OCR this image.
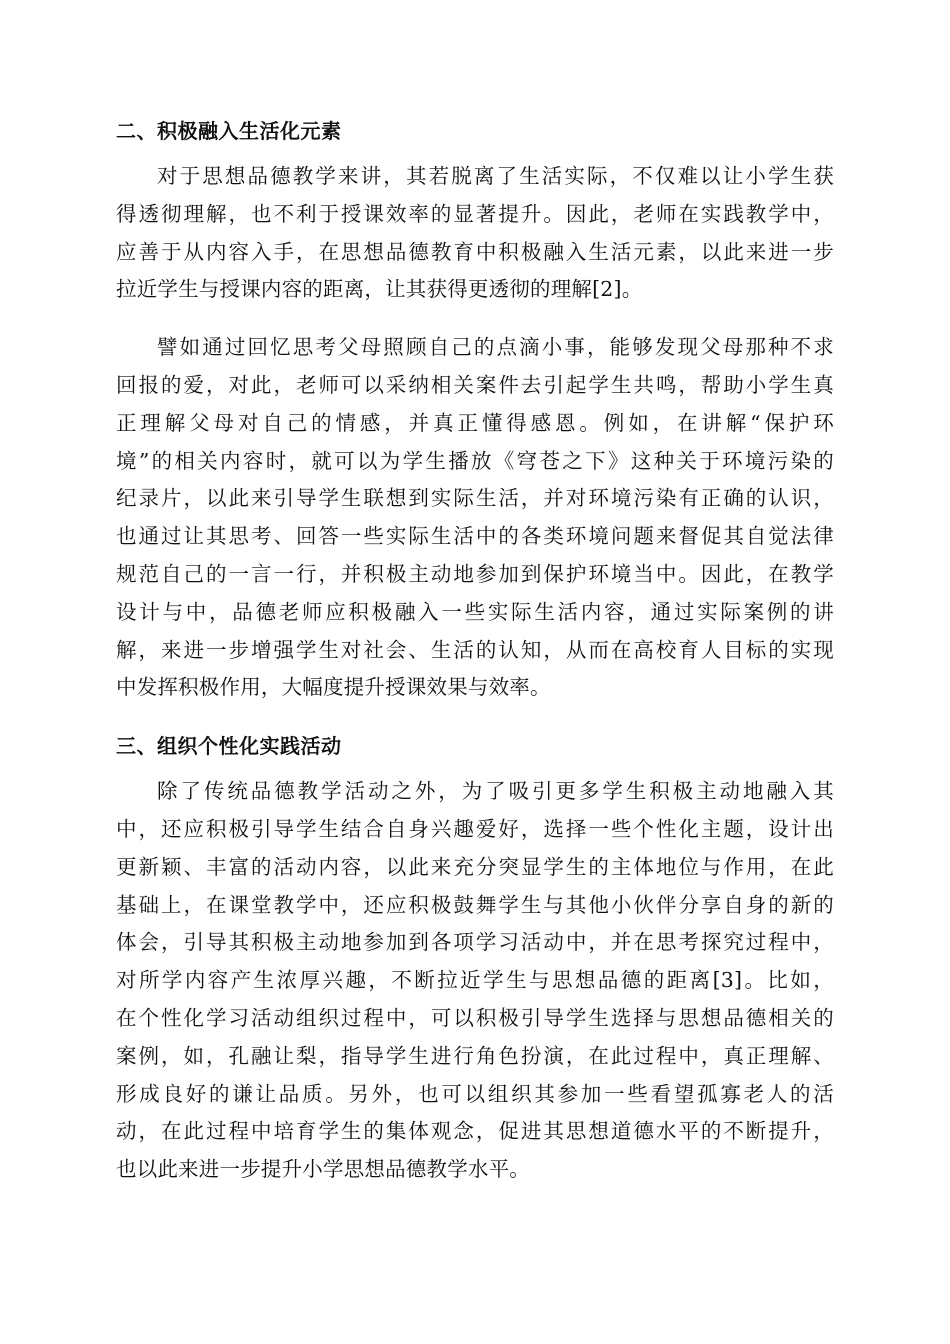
二、积极融入生活化元素
对于思想品德教学来讲，其若脱离了生活实际，不仅难以让小学生获
得透彻理解，也不利于授课效率的显著提升。因此，老师在实践教学中，
应善于从内容入手，在思想品德教育中积极融入生活元素，以此来进一步
拉近学生与授课内容的距离，让其获得更透彻的理解[2]。
譬如通过回忆思考父母照顾自己的点滴小事，能够发现父母那种不求
回报的爱，对此，老师可以采纳相关案件去引起学生共鸣，帮助小学生真
正理解父母对自己的情感，并真正懂得感恩。例如，在讲解“保护环
境”的相关内容时，就可以为学生播放《穹苍之下》这种关于环境污染的
纪录片，以此来引导学生联想到实际生活，并对环境污染有正确的认识，
也通过让其思考、回答一些实际生活中的各类环境问题来督促其自觉法律
规范自己的一言一行，并积极主动地参加到保护环境当中。因此，在教学
设计与中，品德老师应积极融入一些实际生活内容，通过实际案例的讲
解，来进一步增强学生对社会、生活的认知，从而在高校育人目标的实现
中发挥积极作用，大幅度提升授课效果与效率。
三、组织个性化实践活动
除了传统品德教学活动之外，为了吸引更多学生积极主动地融入其
中，还应积极引导学生结合自身兴趣爱好，选择一些个性化主题，设计出
更新颖、丰富的活动内容，以此来充分突显学生的主体地位与作用，在此
基础上，在课堂教学中，还应积极鼓舞学生与其他小伙伴分享自身的新的
体会，引导其积极主动地参加到各项学习活动中，并在思考探究过程中，
对所学内容产生浓厚兴趣，不断拉近学生与思想品德的距离[3]。比如，
在个性化学习活动组织过程中，可以积极引导学生选择与思想品德相关的
案例，如，孔融让梨，指导学生进行角色扮演，在此过程中，真正理解、
形成良好的谦让品质。另外，也可以组织其参加一些看望孤寡老人的活
动，在此过程中培育学生的集体观念，促进其思想道德水平的不断提升，
也以此来进一步提升小学思想品德教学水平。
